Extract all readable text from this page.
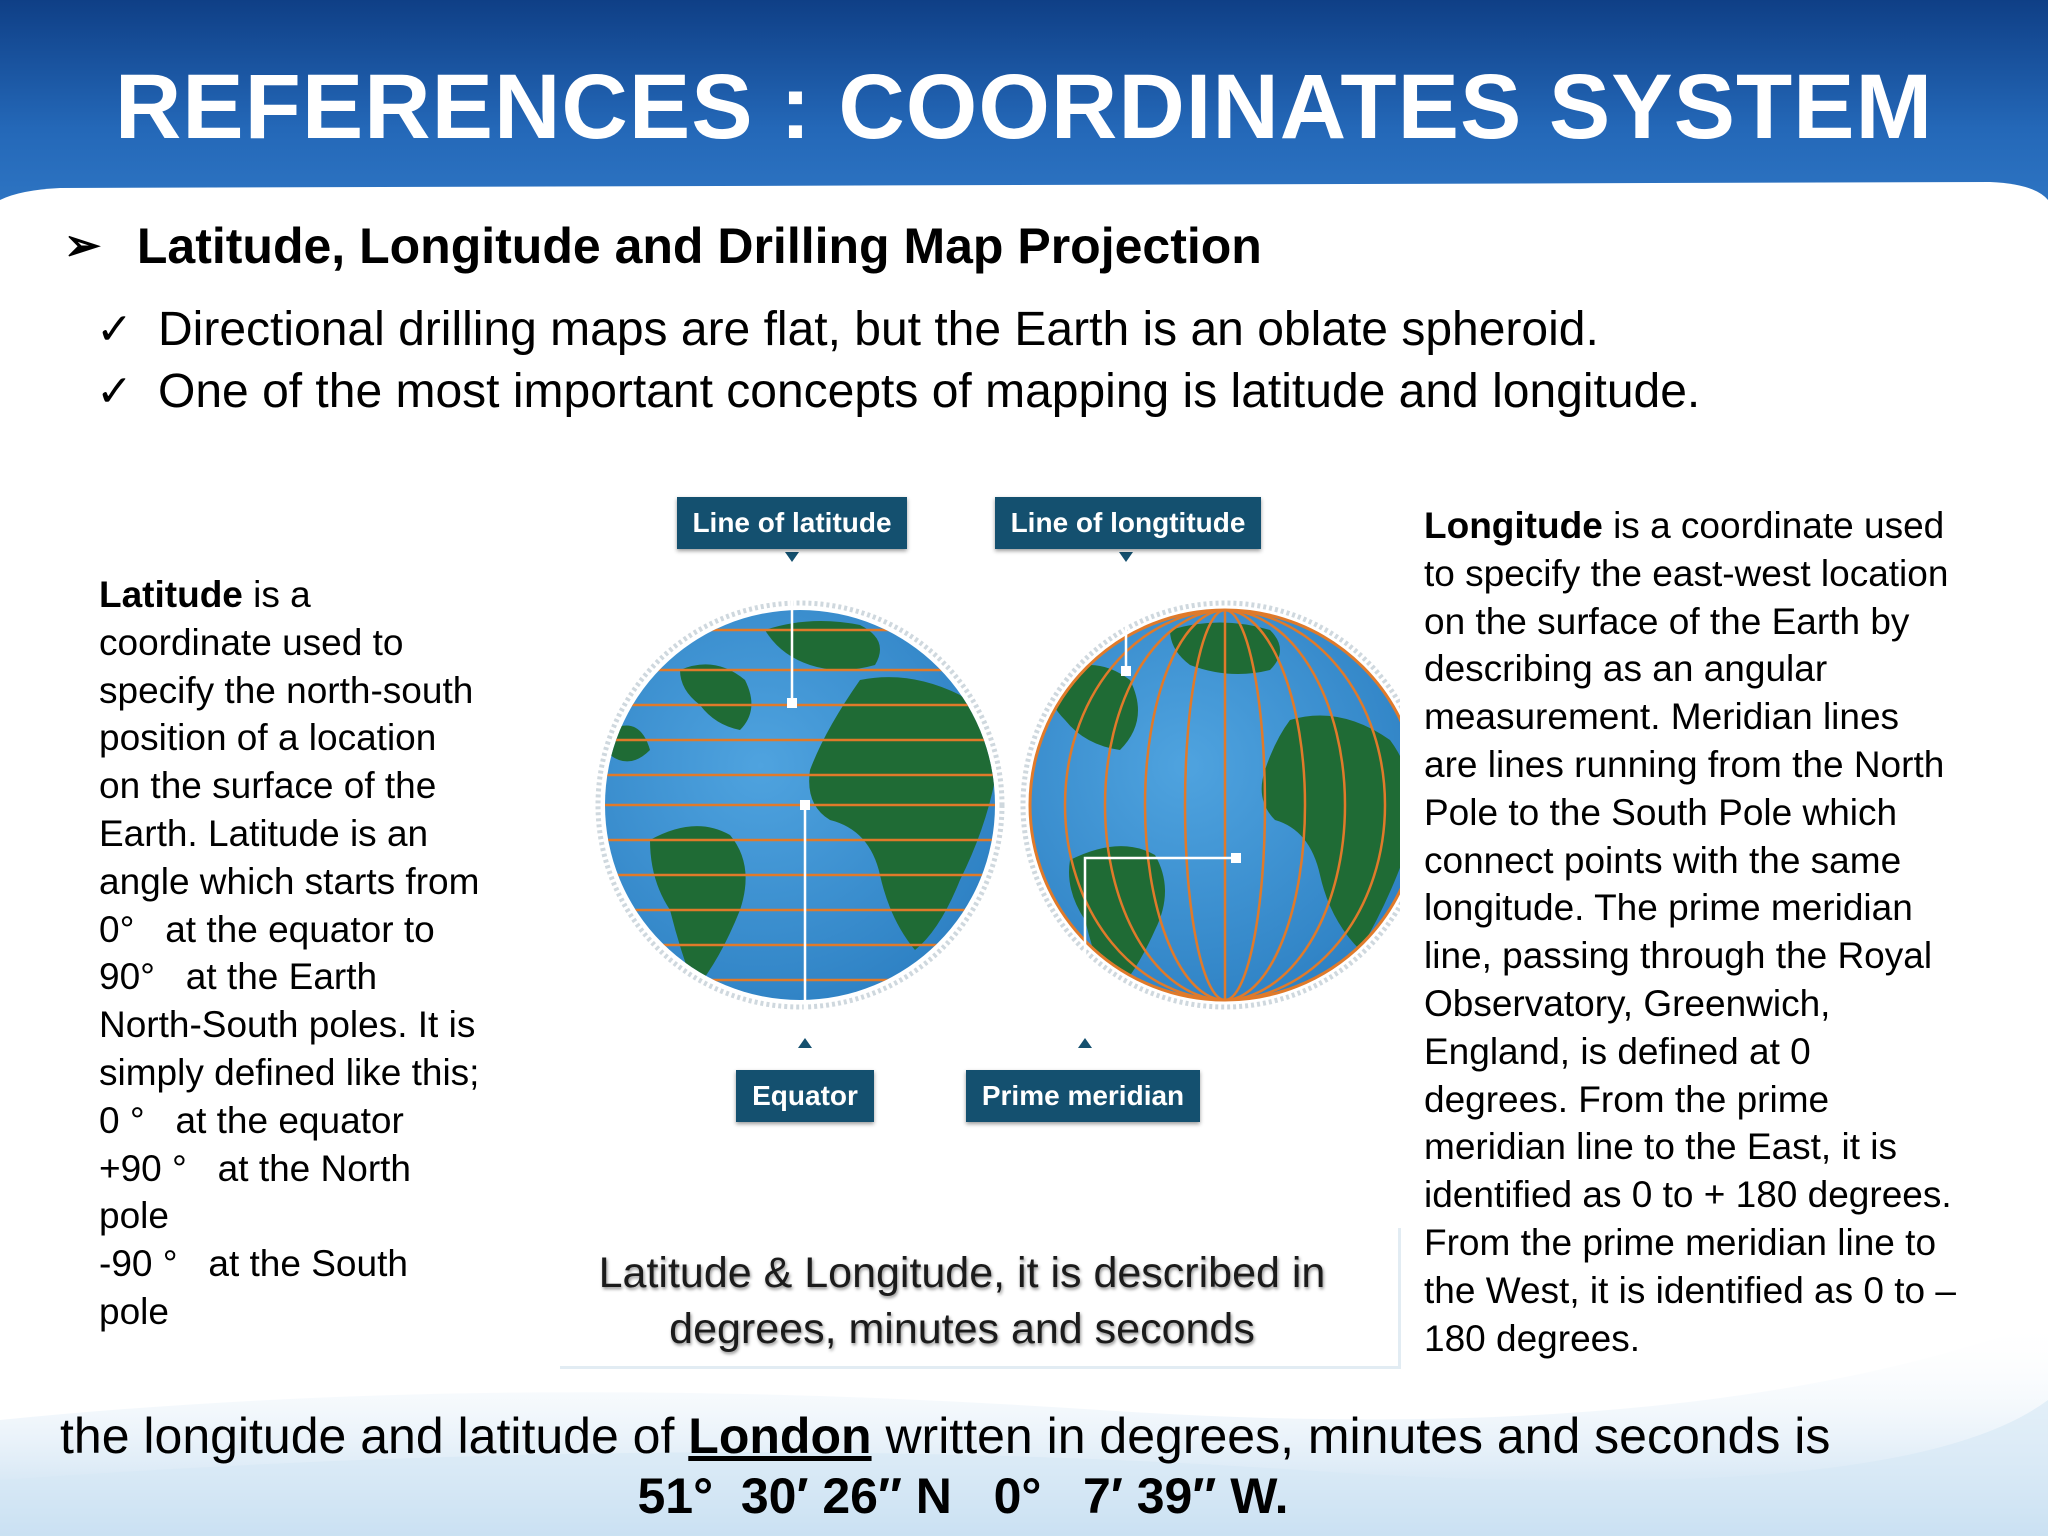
REFERENCES : COORDINATES SYSTEM
➢ Latitude, Longitude and Drilling Map Projection
✓ Directional drilling maps are flat, but the Earth is an oblate spheroid.
✓ One of the most important concepts of mapping is latitude and longitude.
Latitude is a
coordinate used to
specify the north-south
position of a location
on the surface of the
Earth. Latitude is an
angle which starts from
0°   at the equator to
90°   at the Earth
North-South poles. It is
simply defined like this;
0 °   at the equator
+90 °   at the North
pole
-90 °   at the South
pole
Longitude is a coordinate used
to specify the east-west location
on the surface of the Earth by
describing as an angular
measurement. Meridian lines
are lines running from the North
Pole to the South Pole which
connect points with the same
longitude. The prime meridian
line, passing through the Royal
Observatory, Greenwich,
England, is defined at 0
degrees. From the prime
meridian line to the East, it is
identified as 0 to + 180 degrees.
From the prime meridian line to
the West, it is identified as 0 to –
180 degrees.
Line of latitude	Line of longtitude
Equator	Prime meridian
Latitude & Longitude, it is described in
degrees, minutes and seconds
the longitude and latitude of London written in degrees, minutes and seconds is
51°  30′ 26″ N   0°   7′ 39″ W.
